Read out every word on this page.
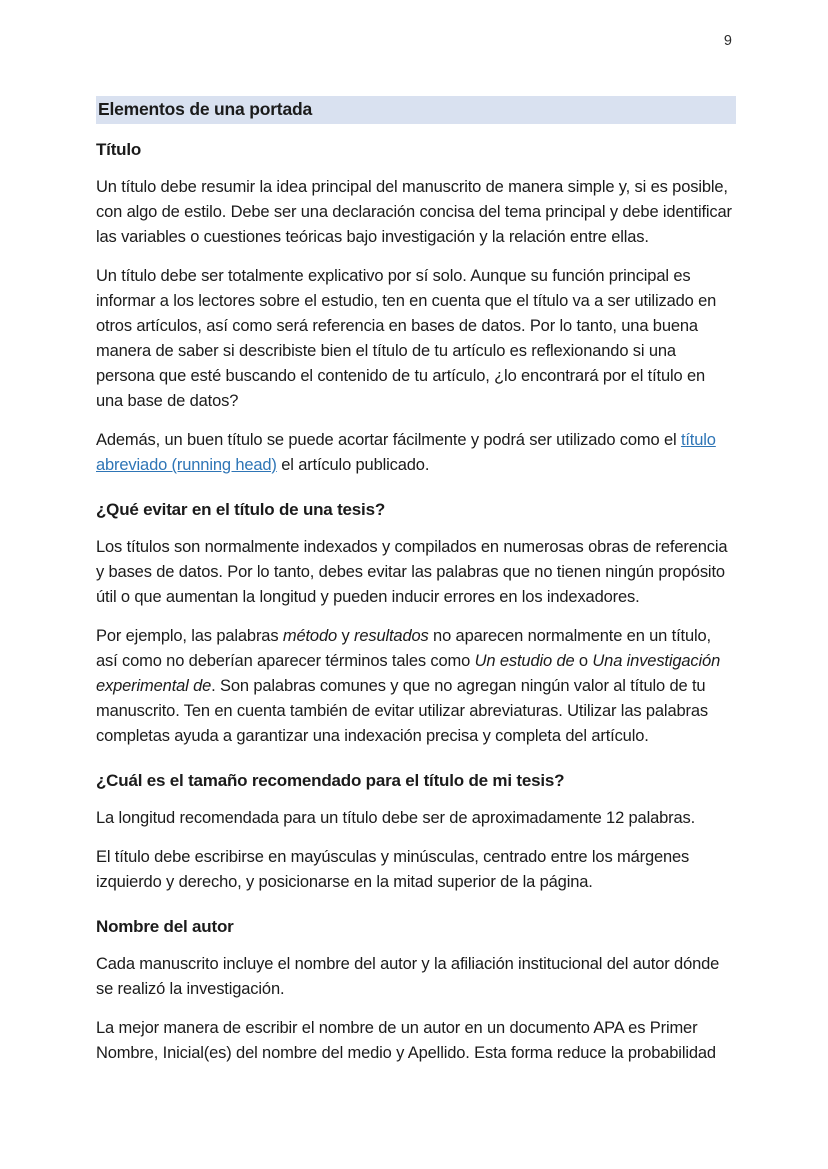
9
Elementos de una portada
Título

Un título debe resumir la idea principal del manuscrito de manera simple y, si es posible, con algo de estilo. Debe ser una declaración concisa del tema principal y debe identificar las variables o cuestiones teóricas bajo investigación y la relación entre ellas.

Un título debe ser totalmente explicativo por sí solo. Aunque su función principal es informar a los lectores sobre el estudio, ten en cuenta que el título va a ser utilizado en otros artículos, así como será referencia en bases de datos. Por lo tanto, una buena manera de saber si describiste bien el título de tu artículo es reflexionando si una persona que esté buscando el contenido de tu artículo, ¿lo encontrará por el título en una base de datos?

Además, un buen título se puede acortar fácilmente y podrá ser utilizado como el título abreviado (running head) el artículo publicado.

¿Qué evitar en el título de una tesis?

Los títulos son normalmente indexados y compilados en numerosas obras de referencia y bases de datos. Por lo tanto, debes evitar las palabras que no tienen ningún propósito útil o que aumentan la longitud y pueden inducir errores en los indexadores.

Por ejemplo, las palabras método y resultados no aparecen normalmente en un título, así como no deberían aparecer términos tales como Un estudio de o Una investigación experimental de. Son palabras comunes y que no agregan ningún valor al título de tu manuscrito. Ten en cuenta también de evitar utilizar abreviaturas. Utilizar las palabras completas ayuda a garantizar una indexación precisa y completa del artículo.

¿Cuál es el tamaño recomendado para el título de mi tesis?

La longitud recomendada para un título debe ser de aproximadamente 12 palabras.

El título debe escribirse en mayúsculas y minúsculas, centrado entre los márgenes izquierdo y derecho, y posicionarse en la mitad superior de la página.

Nombre del autor

Cada manuscrito incluye el nombre del autor y la afiliación institucional del autor dónde se realizó la investigación.

La mejor manera de escribir el nombre de un autor en un documento APA es Primer Nombre, Inicial(es) del nombre del medio y Apellido. Esta forma reduce la probabilidad
